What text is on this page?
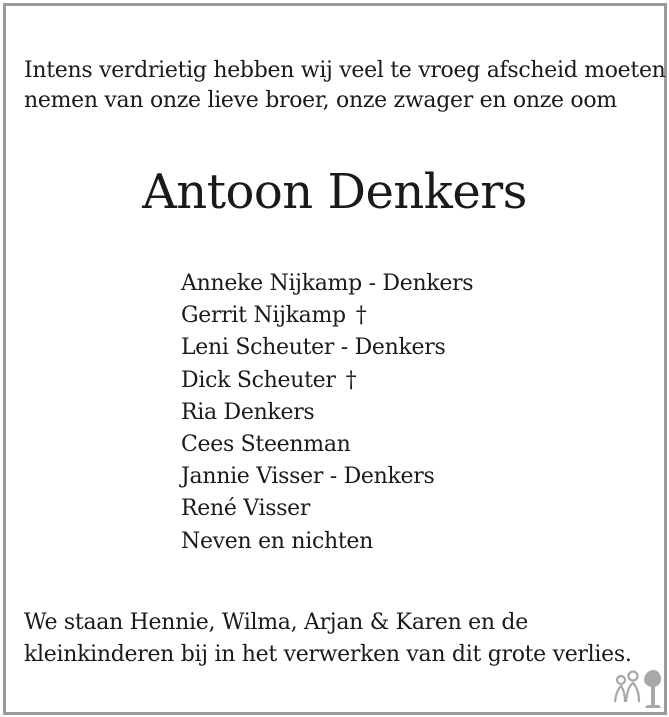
Intens verdrietig hebben wij veel te vroeg afscheid moeten
nemen van onze lieve broer, onze zwager en onze oom

Antoon Denkers
Anneke Nijkamp - Denkers
Gerrit Nijkamp †
Leni Scheuter - Denkers
Dick Scheuter †
Ria Denkers
Cees Steenman
Jannie Visser - Denkers
René Visser
Neven en nichten

We staan Hennie, Wilma, Arjan & Karen en de
kleinkinderen bij in het verwerken van dit grote verlies.
